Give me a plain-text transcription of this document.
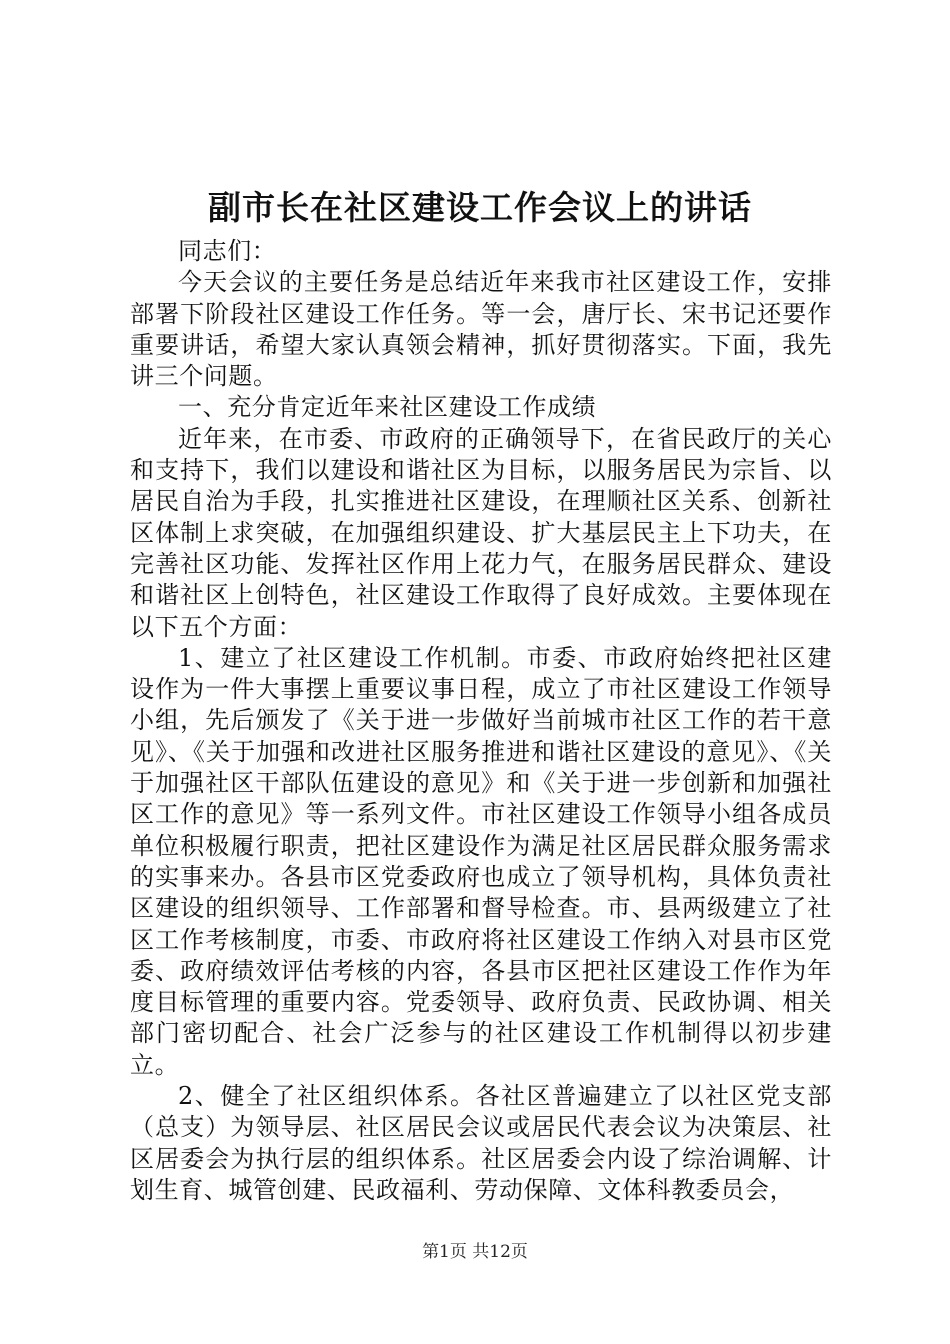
副市长在社区建设工作会议上的讲话

同志们：

今天会议的主要任务是总结近年来我市社区建设工作，安排部署下阶段社区建设工作任务。等一会，唐厅长、宋书记还要作重要讲话，希望大家认真领会精神，抓好贯彻落实。下面，我先讲三个问题。

一、充分肯定近年来社区建设工作成绩

近年来，在市委、市政府的正确领导下，在省民政厅的关心和支持下，我们以建设和谐社区为目标，以服务居民为宗旨、以居民自治为手段，扎实推进社区建设，在理顺社区关系、创新社区体制上求突破，在加强组织建设、扩大基层民主上下功夫，在完善社区功能、发挥社区作用上花力气，在服务居民群众、建设和谐社区上创特色，社区建设工作取得了良好成效。主要体现在以下五个方面：

1、建立了社区建设工作机制。市委、市政府始终把社区建设作为一件大事摆上重要议事日程，成立了市社区建设工作领导小组，先后颁发了《关于进一步做好当前城市社区工作的若干意见》、《关于加强和改进社区服务推进和谐社区建设的意见》、《关于加强社区干部队伍建设的意见》和《关于进一步创新和加强社区工作的意见》等一系列文件。市社区建设工作领导小组各成员单位积极履行职责，把社区建设作为满足社区居民群众服务需求的实事来办。各县市区党委政府也成立了领导机构，具体负责社区建设的组织领导、工作部署和督导检查。市、县两级建立了社区工作考核制度，市委、市政府将社区建设工作纳入对县市区党委、政府绩效评估考核的内容，各县市区把社区建设工作作为年度目标管理的重要内容。党委领导、政府负责、民政协调、相关部门密切配合、社会广泛参与的社区建设工作机制得以初步建立。

2、健全了社区组织体系。各社区普遍建立了以社区党支部（总支）为领导层、社区居民会议或居民代表会议为决策层、社区居委会为执行层的组织体系。社区居委会内设了综治调解、计划生育、城管创建、民政福利、劳动保障、文体科教委员会，

第1页 共12页
